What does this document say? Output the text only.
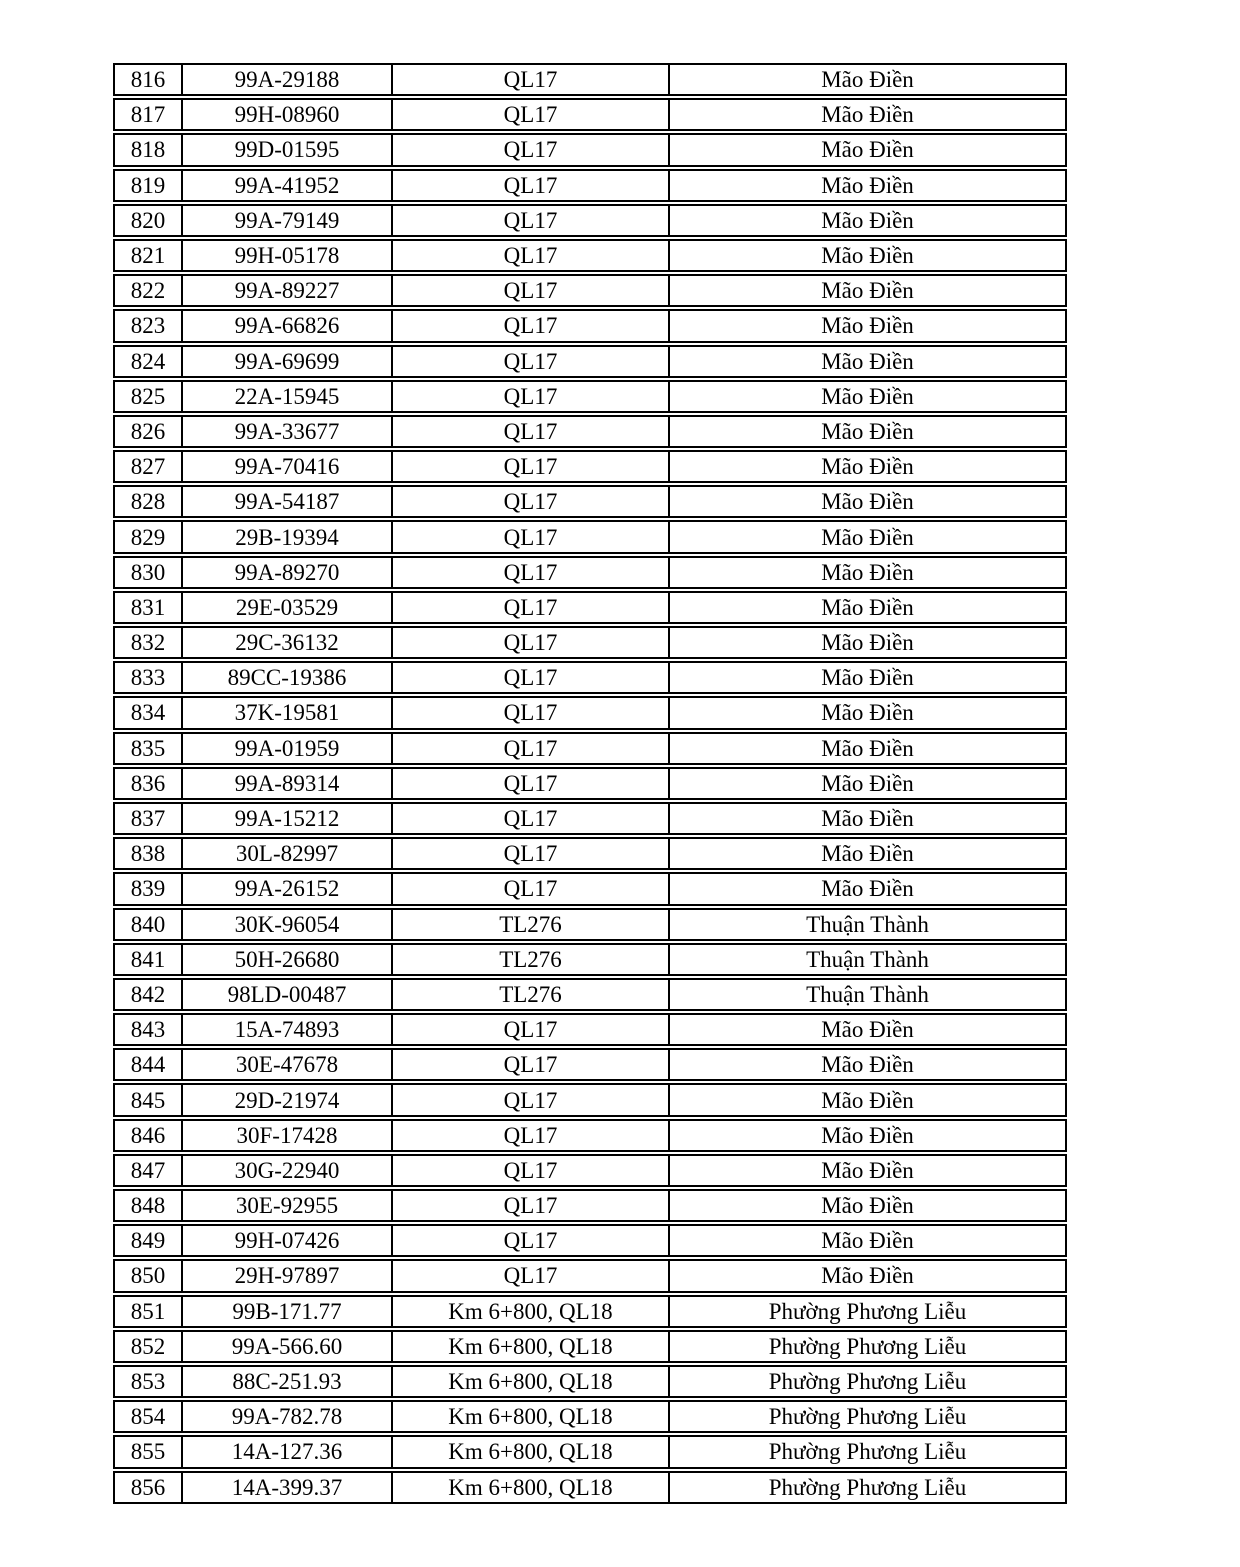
816	99A-29188	QL17	Mão Điền
817	99H-08960	QL17	Mão Điền
818	99D-01595	QL17	Mão Điền
819	99A-41952	QL17	Mão Điền
820	99A-79149	QL17	Mão Điền
821	99H-05178	QL17	Mão Điền
822	99A-89227	QL17	Mão Điền
823	99A-66826	QL17	Mão Điền
824	99A-69699	QL17	Mão Điền
825	22A-15945	QL17	Mão Điền
826	99A-33677	QL17	Mão Điền
827	99A-70416	QL17	Mão Điền
828	99A-54187	QL17	Mão Điền
829	29B-19394	QL17	Mão Điền
830	99A-89270	QL17	Mão Điền
831	29E-03529	QL17	Mão Điền
832	29C-36132	QL17	Mão Điền
833	89CC-19386	QL17	Mão Điền
834	37K-19581	QL17	Mão Điền
835	99A-01959	QL17	Mão Điền
836	99A-89314	QL17	Mão Điền
837	99A-15212	QL17	Mão Điền
838	30L-82997	QL17	Mão Điền
839	99A-26152	QL17	Mão Điền
840	30K-96054	TL276	Thuận Thành
841	50H-26680	TL276	Thuận Thành
842	98LD-00487	TL276	Thuận Thành
843	15A-74893	QL17	Mão Điền
844	30E-47678	QL17	Mão Điền
845	29D-21974	QL17	Mão Điền
846	30F-17428	QL17	Mão Điền
847	30G-22940	QL17	Mão Điền
848	30E-92955	QL17	Mão Điền
849	99H-07426	QL17	Mão Điền
850	29H-97897	QL17	Mão Điền
851	99B-171.77	Km 6+800, QL18	Phường Phương Liễu
852	99A-566.60	Km 6+800, QL18	Phường Phương Liễu
853	88C-251.93	Km 6+800, QL18	Phường Phương Liễu
854	99A-782.78	Km 6+800, QL18	Phường Phương Liễu
855	14A-127.36	Km 6+800, QL18	Phường Phương Liễu
856	14A-399.37	Km 6+800, QL18	Phường Phương Liễu
